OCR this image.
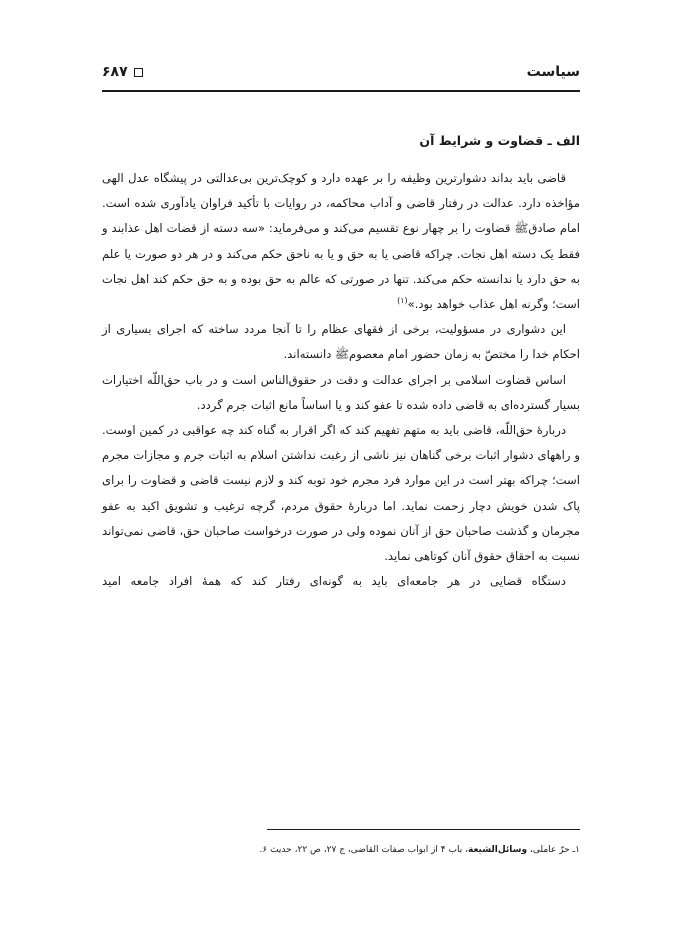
سیاست
۶۸۷
الف ـ قضاوت و شرایط آن

قاضی باید بداند دشوارترین وظیفه را بر عهده دارد و کوچک‌ترین بی‌عدالتی در پیشگاه عدل الهی مؤاخذه دارد. عدالت در رفتار قاضی و آداب محاکمه، در روایات با تأکید فراوان یادآوری شده است. امام صادق‌ﷺ قضاوت را بر چهار نوع تقسیم می‌کند و می‌فرماید: «سه دسته از قضات اهل عذابند و فقط یک دسته اهل نجات. چراکه قاضی یا به حق و یا به ناحق حکم می‌کند و در هر دو صورت یا علم به حق دارد یا ندانسته حکم می‌کند. تنها در صورتی که عالم به حق بوده و به حق حکم کند اهل نجات است؛ وگرنه اهل عذاب خواهد بود.»$^{(۱)}$

این دشواری در مسؤولیت، برخی از فقهای عظام را تا آنجا مردد ساخته که اجرای بسیاری از احکام خدا را مختصّ به زمان حضور امام معصوم‌ﷺ دانسته‌اند.

اساس قضاوت اسلامی بر اجرای عدالت و دقت در حقوق‌الناس است و در باب حق‌اللّه اختیارات بسیار گسترده‌ای به قاضی داده شده تا عفو کند و یا اساساً مانع اثبات جرم گردد.

دربارهٔ حق‌اللّه، قاضی باید به متهم تفهیم کند که اگر اقرار به گناه کند چه عواقبی در کمین اوست. و راههای دشوار اثبات برخی گناهان نیز ناشی از رغبت نداشتن اسلام به اثبات جرم و مجازات مجرم است؛ چراکه بهتر است در این موارد فرد مجرم خود توبه کند و لازم نیست قاضی و قضاوت را برای پاک شدن خویش دچار زحمت نماید. اما دربارهٔ حقوق مردم، گرچه ترغیب و تشویق اکید به عفو مجرمان و گذشت صاحبان حق از آنان نموده ولی در صورت درخواست صاحبان حق، قاضی نمی‌تواند نسبت به احقاق حقوق آنان کوتاهی نماید.

دستگاه قضایی در هر جامعه‌ای باید به گونه‌ای رفتار کند که همهٔ افراد جامعه امید

۱ـ حرّ عاملی، وسائل‌الشیعة، باب ۴ از ابواب صفات القاضی، ج ۲۷، ص ۲۲، حدیث ۶.
